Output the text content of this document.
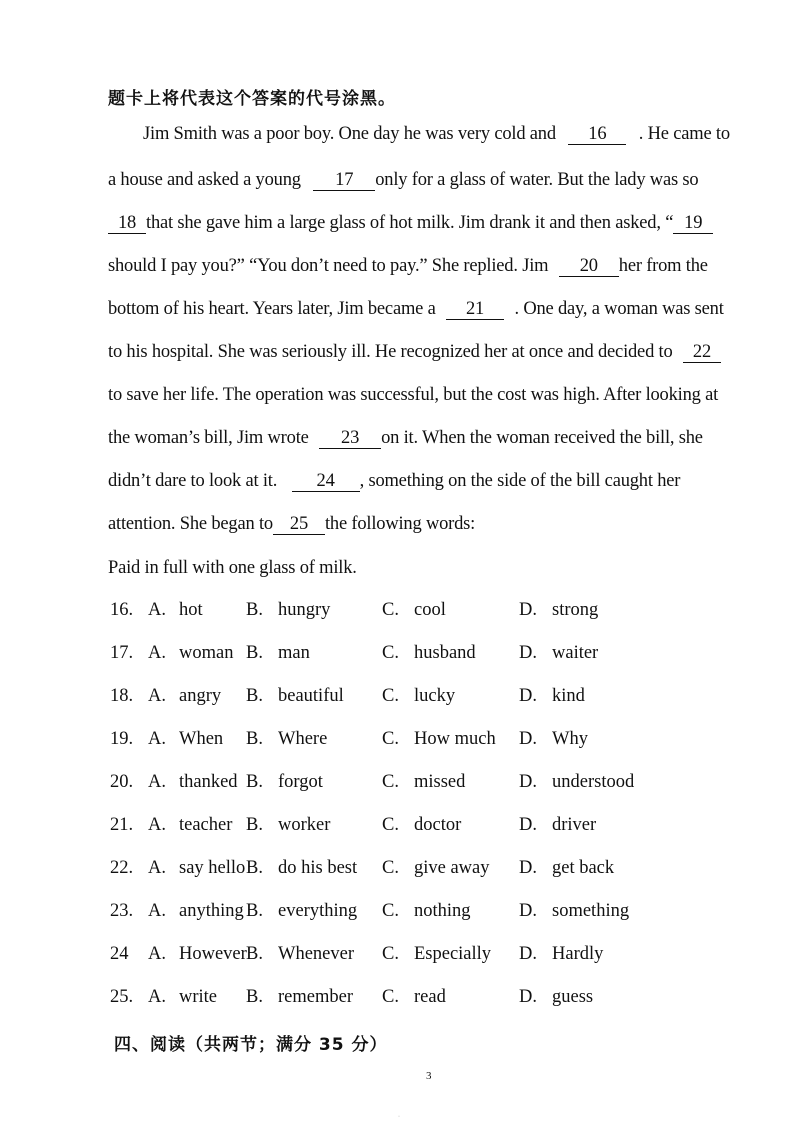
题卡上将代表这个答案的代号涂黑。
Jim Smith was a poor boy. One day he was very cold and 16 . He came to
a house and asked a young 17 only for a glass of water. But the lady was so
18 that she gave him a large glass of hot milk. Jim drank it and then asked, “ 19
should I pay you?” “You don’t need to pay.” She replied. Jim 20 her from the
bottom of his heart. Years later, Jim became a 21 . One day, a woman was sent
to his hospital. She was seriously ill. He recognized her at once and decided to 22
to save her life. The operation was successful, but the cost was high. After looking at
the woman’s bill, Jim wrote 23 on it. When the woman received the bill, she
didn’t dare to look at it. 24 , something on the side of the bill caught her
attention. She began to 25 the following words:
Paid in full with one glass of milk.
16. A. hot B. hungry	C. cool	D. strong
17. A. woman B. man	C. husband D. waiter
18. A. angry B. beautiful C. lucky	D. kind
19. A. When B. Where	C. How much D. Why
20. A. thanked B. forgot	C. missed	D. understood
21. A. teacher B. worker	C. doctor	D. driver
22. A. say hello B. do his best C. give away D. get back
23. A. anything B. everything C. nothing	D. something
24 A. However B. Whenever C. Especially D. Hardly
25. A. write B. remember C. read	D. guess
四、阅读（共两节；满分 35 分）
3
·
